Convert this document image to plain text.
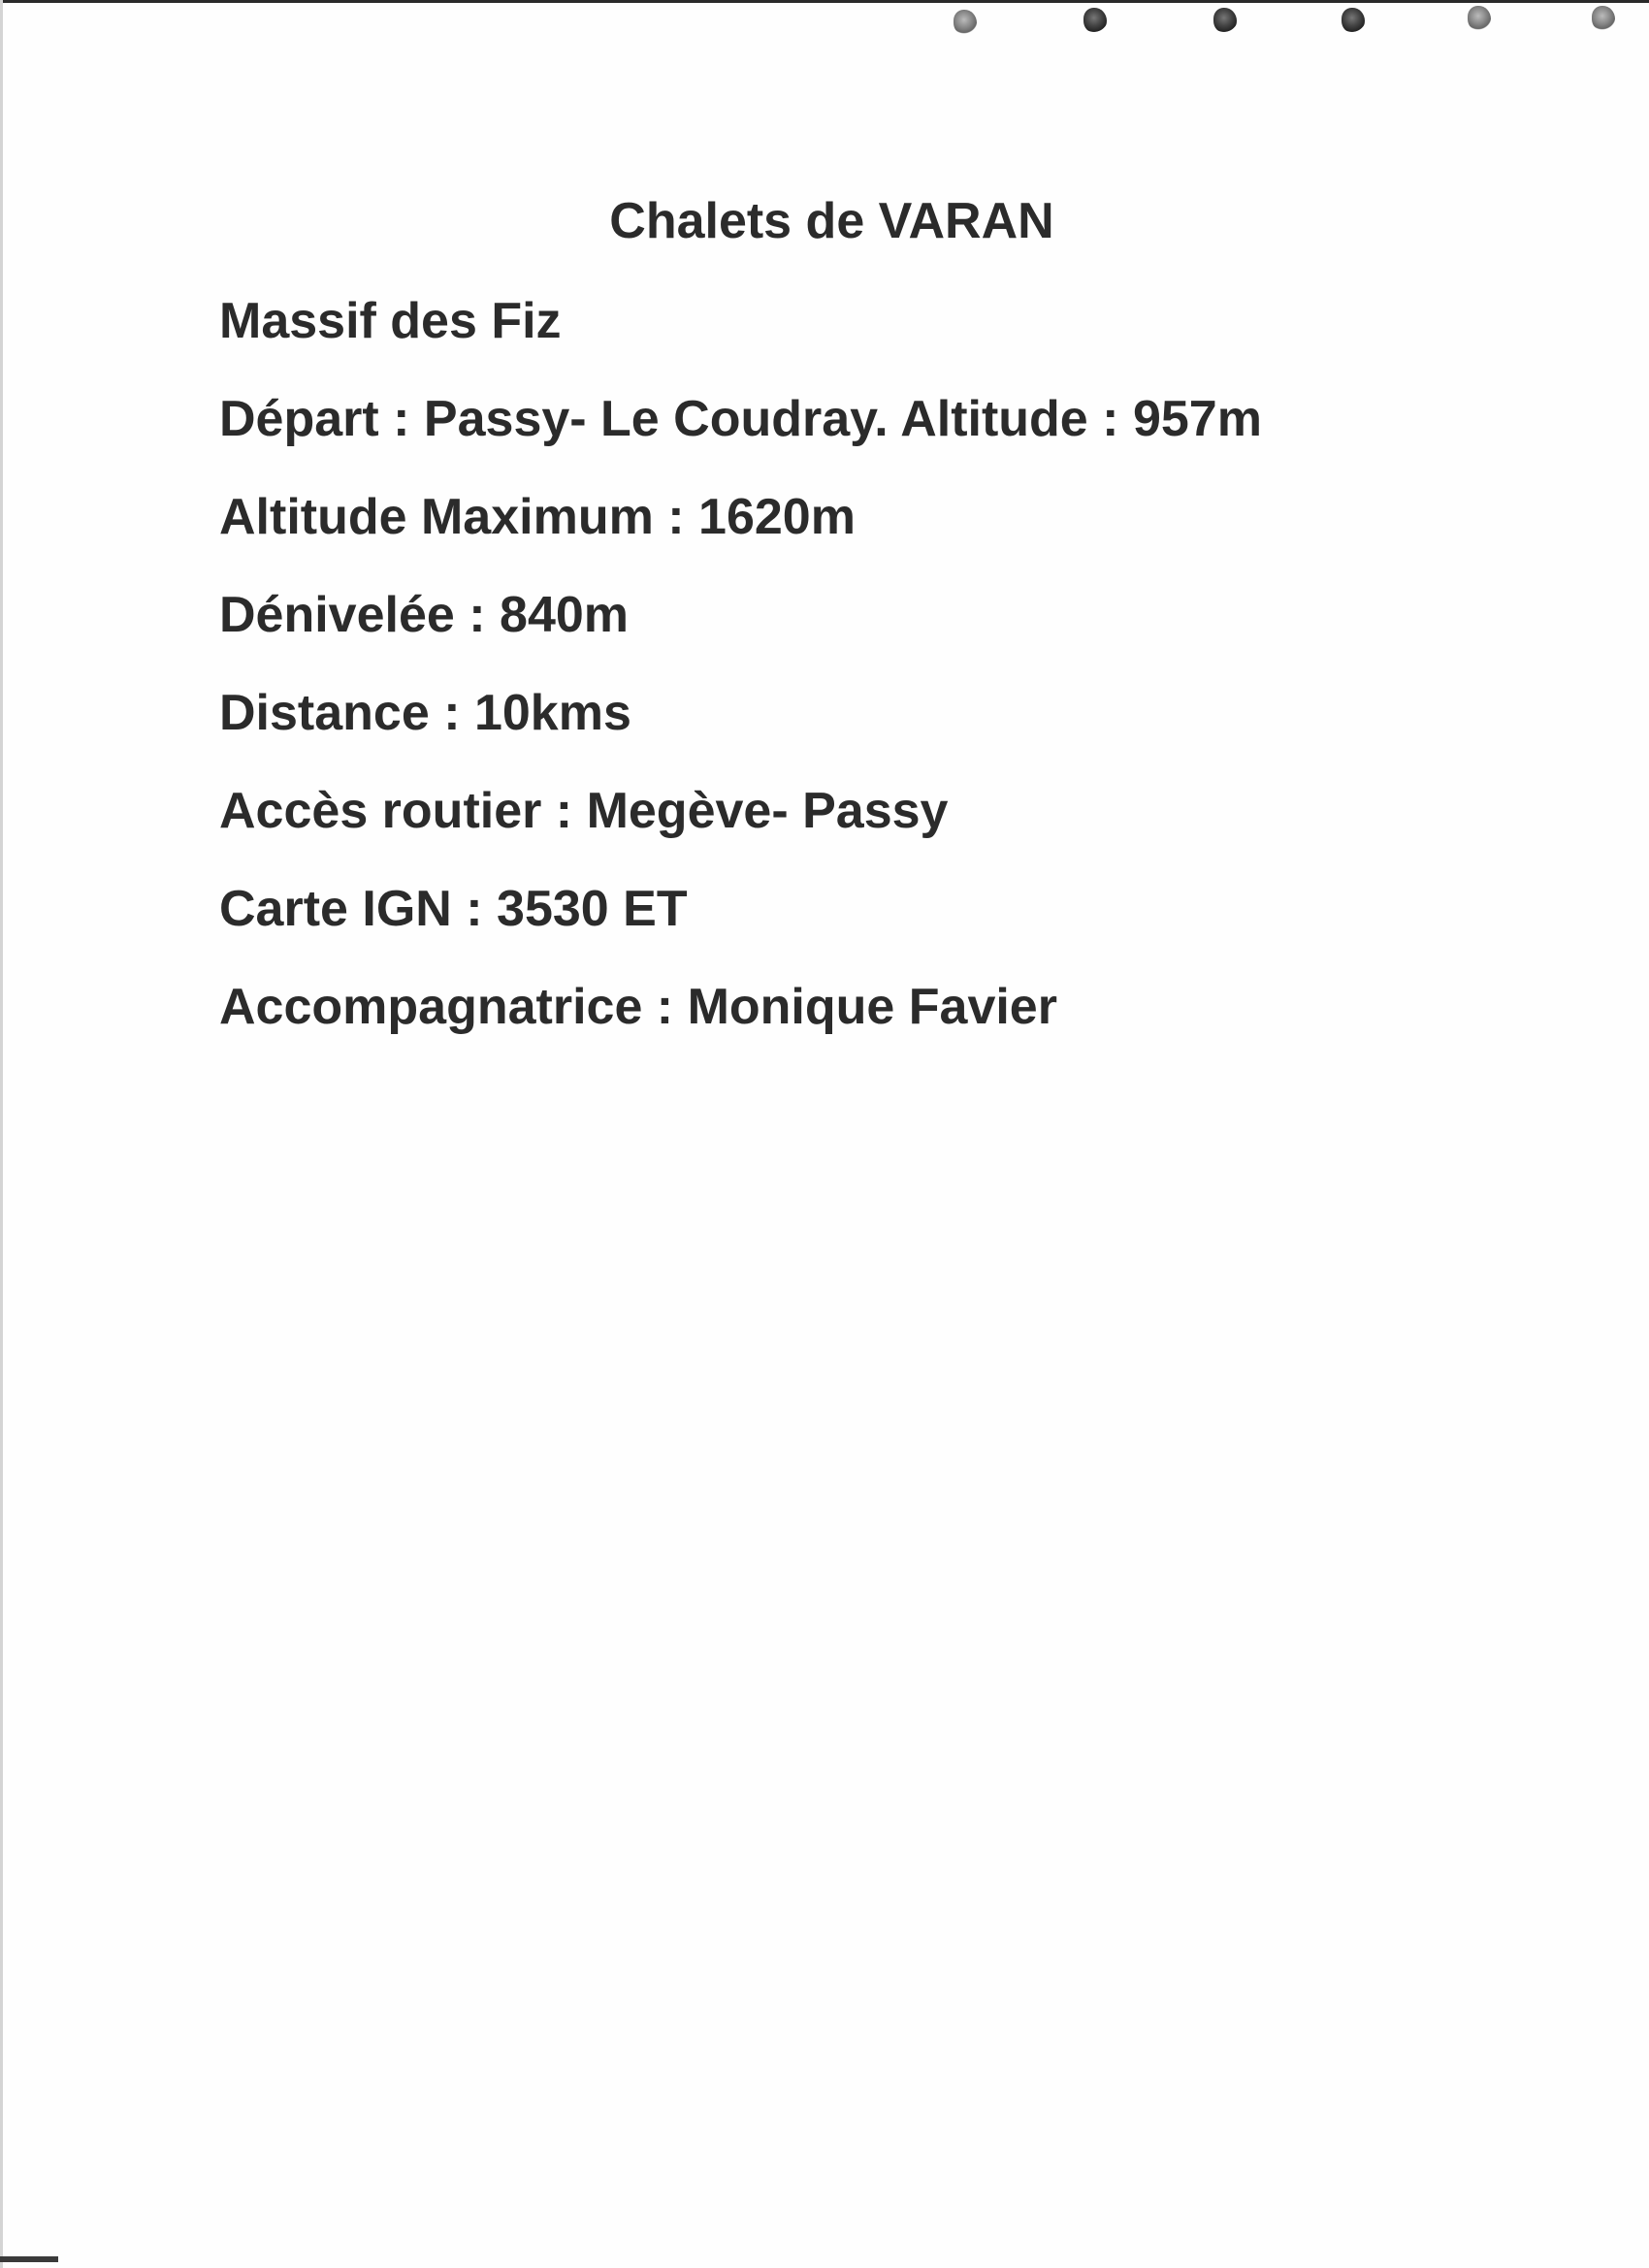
Chalets de VARAN
Massif des Fiz
Départ : Passy- Le Coudray. Altitude : 957m
Altitude Maximum : 1620m
Dénivelée : 840m
Distance : 10kms
Accès routier : Megève- Passy
Carte IGN : 3530 ET
Accompagnatrice : Monique Favier
